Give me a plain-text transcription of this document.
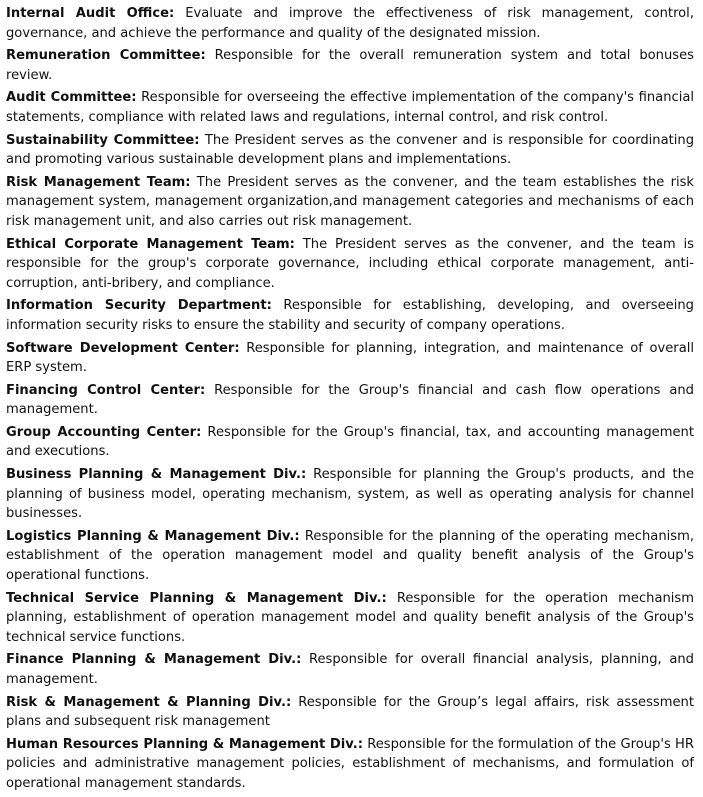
Internal Audit Office: Evaluate and improve the effectiveness of risk management, control, governance, and achieve the performance and quality of the designated mission.

Remuneration Committee: Responsible for the overall remuneration system and total bonuses review.

Audit Committee: Responsible for overseeing the effective implementation of the company's financial statements, compliance with related laws and regulations, internal control, and risk control.

Sustainability Committee: The President serves as the convener and is responsible for coordinating and promoting various sustainable development plans and implementations.

Risk Management Team: The President serves as the convener, and the team establishes the risk management system, management organization,and management categories and mechanisms of each risk management unit, and also carries out risk management.

Ethical Corporate Management Team: The President serves as the convener, and the team is responsible for the group's corporate governance, including ethical corporate management, anti-corruption, anti-bribery, and compliance.

Information Security Department: Responsible for establishing, developing, and overseeing information security risks to ensure the stability and security of company operations.

Software Development Center: Responsible for planning, integration, and maintenance of overall ERP system.

Financing Control Center: Responsible for the Group's financial and cash flow operations and management.

Group Accounting Center: Responsible for the Group's financial, tax, and accounting management and executions.

Business Planning & Management Div.: Responsible for planning the Group's products, and the planning of business model, operating mechanism, system, as well as operating analysis for channel businesses.

Logistics Planning & Management Div.: Responsible for the planning of the operating mechanism, establishment of the operation management model and quality benefit analysis of the Group's operational functions.

Technical Service Planning & Management Div.: Responsible for the operation mechanism planning, establishment of operation management model and quality benefit analysis of the Group's technical service functions.

Finance Planning & Management Div.: Responsible for overall financial analysis, planning, and management.

Risk & Management & Planning Div.: Responsible for the Group’s legal affairs, risk assessment plans and subsequent risk management

Human Resources Planning & Management Div.: Responsible for the formulation of the Group's HR policies and administrative management policies, establishment of mechanisms, and formulation of operational management standards.
